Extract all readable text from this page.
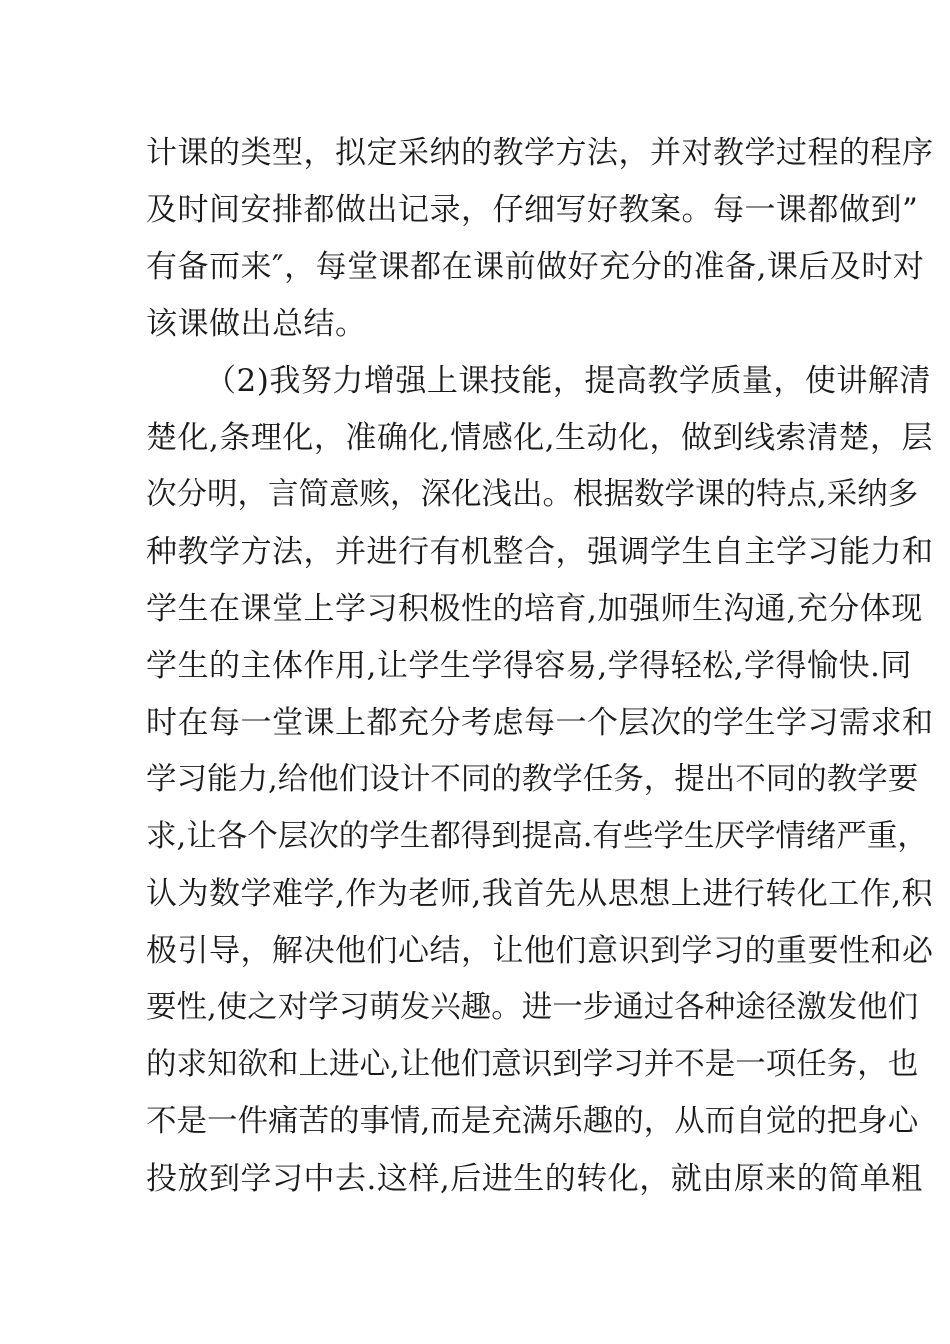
计课的类型，拟定采纳的教学方法，并对教学过程的程序
及时间安排都做出记录，仔细写好教案。每一课都做到”
有备而来″，每堂课都在课前做好充分的准备,课后及时对
该课做出总结。
（2)我努力增强上课技能，提高教学质量，使讲解清
楚化,条理化，准确化,情感化,生动化，做到线索清楚，层
次分明，言简意赅，深化浅出。根据数学课的特点,采纳多
种教学方法，并进行有机整合，强调学生自主学习能力和
学生在课堂上学习积极性的培育,加强师生沟通,充分体现
学生的主体作用,让学生学得容易,学得轻松,学得愉快.同
时在每一堂课上都充分考虑每一个层次的学生学习需求和
学习能力,给他们设计不同的教学任务，提出不同的教学要
求,让各个层次的学生都得到提高.有些学生厌学情绪严重，
认为数学难学,作为老师,我首先从思想上进行转化工作,积
极引导，解决他们心结，让他们意识到学习的重要性和必
要性,使之对学习萌发兴趣。进一步通过各种途径激发他们
的求知欲和上进心,让他们意识到学习并不是一项任务，也
不是一件痛苦的事情,而是充满乐趣的，从而自觉的把身心
投放到学习中去.这样,后进生的转化，就由原来的简单粗
